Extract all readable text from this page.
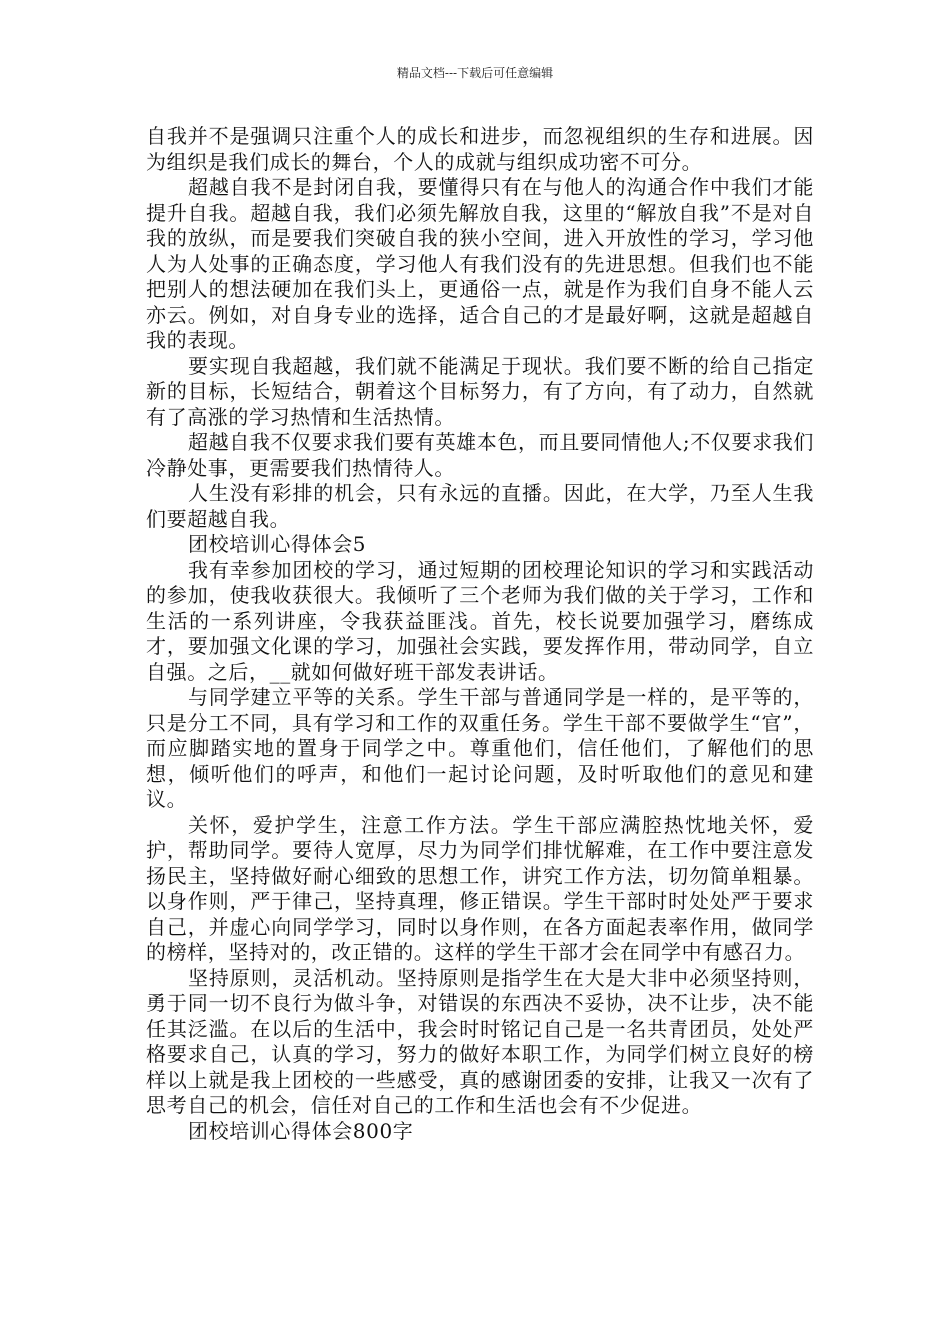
精品文档---下载后可任意编辑

自我并不是强调只注重个人的成长和进步，而忽视组织的生存和进展。因为组织是我们成长的舞台，个人的成就与组织成功密不可分。

超越自我不是封闭自我，要懂得只有在与他人的沟通合作中我们才能提升自我。超越自我，我们必须先解放自我，这里的“解放自我”不是对自我的放纵，而是要我们突破自我的狭小空间，进入开放性的学习，学习他人为人处事的正确态度，学习他人有我们没有的先进思想。但我们也不能把别人的想法硬加在我们头上，更通俗一点，就是作为我们自身不能人云亦云。例如，对自身专业的选择，适合自己的才是最好啊，这就是超越自我的表现。

要实现自我超越，我们就不能满足于现状。我们要不断的给自己指定新的目标，长短结合，朝着这个目标努力，有了方向，有了动力，自然就有了高涨的学习热情和生活热情。

超越自我不仅要求我们要有英雄本色，而且要同情他人;不仅要求我们冷静处事，更需要我们热情待人。

人生没有彩排的机会，只有永远的直播。因此，在大学，乃至人生我们要超越自我。

团校培训心得体会5

我有幸参加团校的学习，通过短期的团校理论知识的学习和实践活动的参加，使我收获很大。我倾听了三个老师为我们做的关于学习，工作和生活的一系列讲座，令我获益匪浅。首先，校长说要加强学习，磨练成才，要加强文化课的学习，加强社会实践，要发挥作用，带动同学，自立自强。之后，__就如何做好班干部发表讲话。

与同学建立平等的关系。学生干部与普通同学是一样的，是平等的，只是分工不同，具有学习和工作的双重任务。学生干部不要做学生“官”，而应脚踏实地的置身于同学之中。尊重他们，信任他们，了解他们的思想，倾听他们的呼声，和他们一起讨论问题，及时听取他们的意见和建议。

关怀，爱护学生，注意工作方法。学生干部应满腔热忱地关怀，爱护，帮助同学。要待人宽厚，尽力为同学们排忧解难，在工作中要注意发扬民主，坚持做好耐心细致的思想工作，讲究工作方法，切勿简单粗暴。以身作则，严于律己，坚持真理，修正错误。学生干部时时处处严于要求自己，并虚心向同学学习，同时以身作则，在各方面起表率作用，做同学的榜样，坚持对的，改正错的。这样的学生干部才会在同学中有感召力。

坚持原则，灵活机动。坚持原则是指学生在大是大非中必须坚持则，勇于同一切不良行为做斗争，对错误的东西决不妥协，决不让步，决不能任其泛滥。在以后的生活中，我会时时铭记自己是一名共青团员，处处严格要求自己，认真的学习，努力的做好本职工作，为同学们树立良好的榜样以上就是我上团校的一些感受，真的感谢团委的安排，让我又一次有了思考自己的机会，信任对自己的工作和生活也会有不少促进。

团校培训心得体会800字
